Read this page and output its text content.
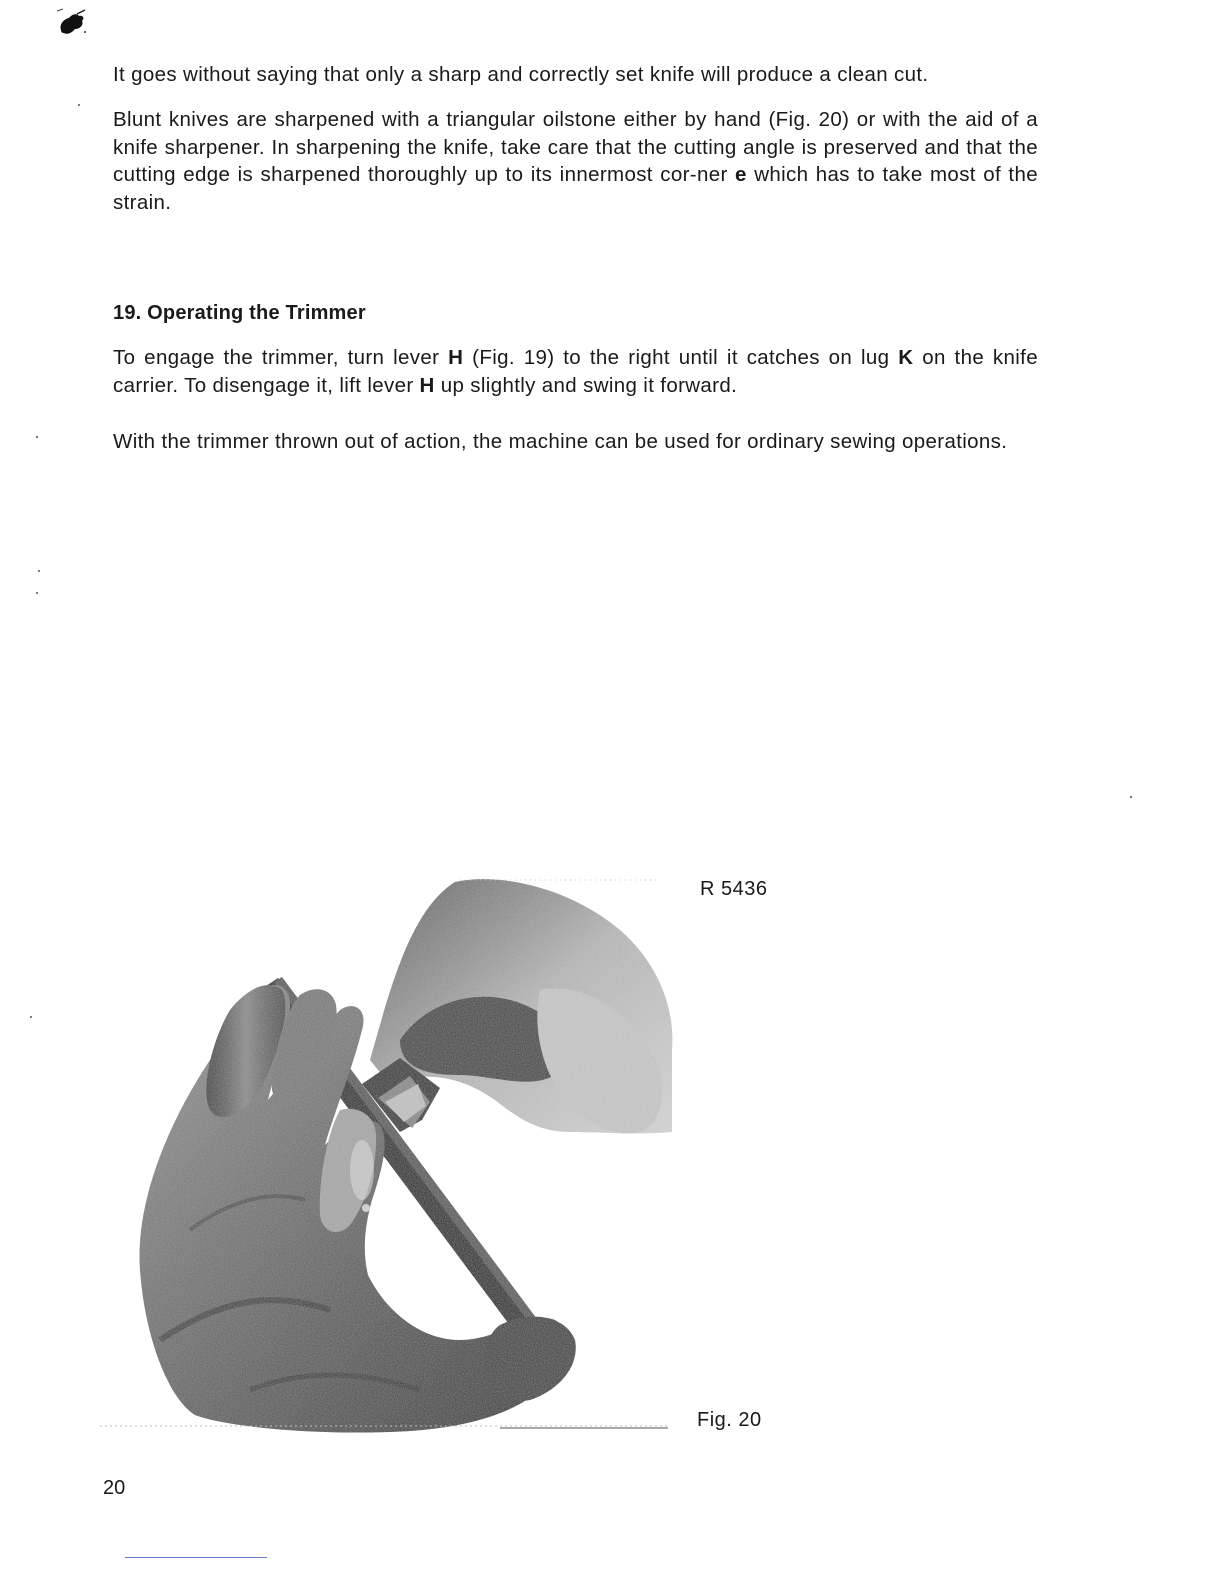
It goes without saying that only a sharp and correctly set knife will produce a clean cut.

Blunt knives are sharpened with a triangular oilstone either by hand (Fig. 20) or with the aid of a knife sharpener. In sharpening the knife, take care that the cutting angle is preserved and that the cutting edge is sharpened thoroughly up to its innermost cor-ner e which has to take most of the strain.

19. Operating the Trimmer

To engage the trimmer, turn lever H (Fig. 19) to the right until it catches on lug K on the knife carrier. To disengage it, lift lever H up slightly and swing it forward.

With the trimmer thrown out of action, the machine can be used for ordinary sewing operations.

R 5436

Fig. 20

20
